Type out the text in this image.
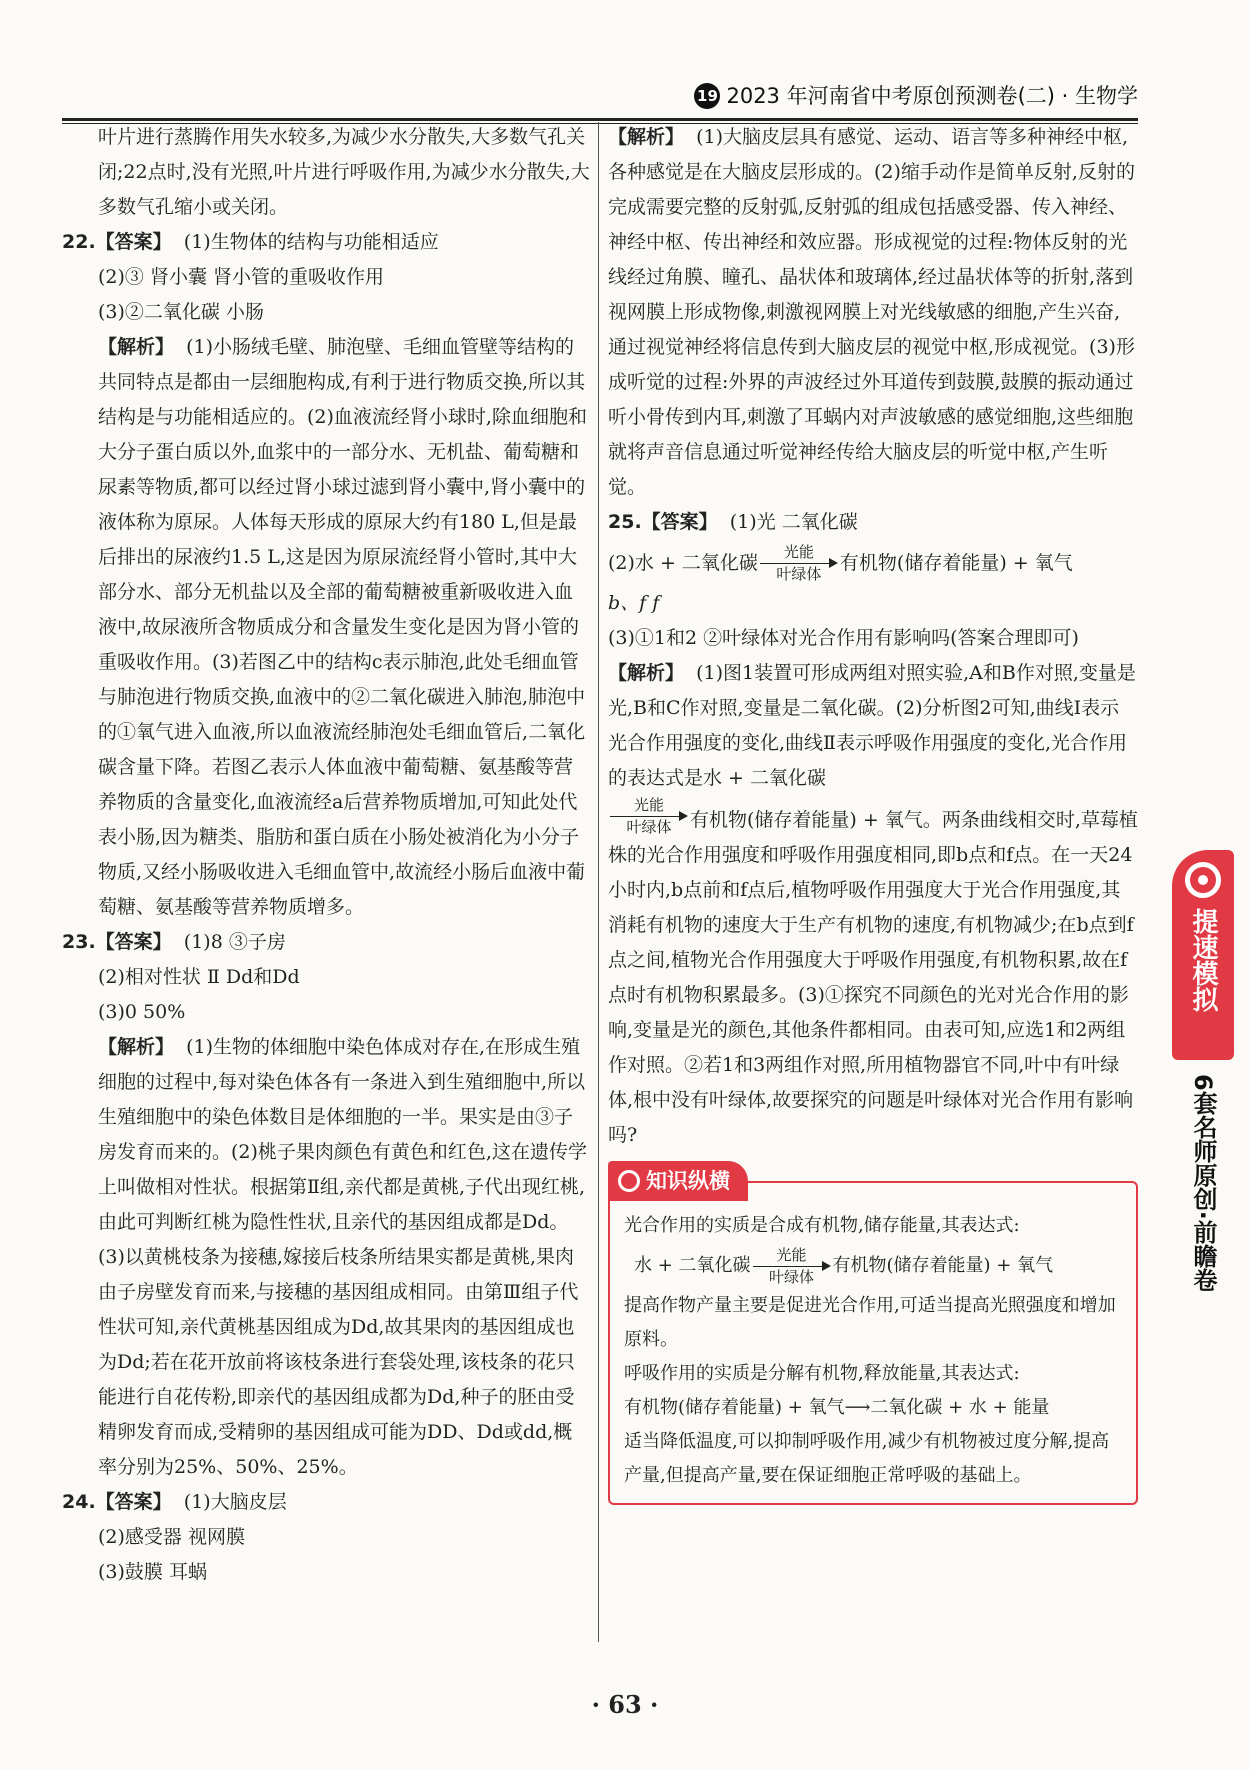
19 2023 年河南省中考原创预测卷(二) · 生物学

叶片进行蒸腾作用失水较多,为减少水分散失,大多数气孔关闭;22点时,没有光照,叶片进行呼吸作用,为减少水分散失,大多数气孔缩小或关闭。

22.【答案】 (1)生物体的结构与功能相适应

(2)③ 肾小囊 肾小管的重吸收作用

(3)②二氧化碳 小肠

【解析】 (1)小肠绒毛壁、肺泡壁、毛细血管壁等结构的共同特点是都由一层细胞构成,有利于进行物质交换,所以其结构是与功能相适应的。(2)血液流经肾小球时,除血细胞和大分子蛋白质以外,血浆中的一部分水、无机盐、葡萄糖和尿素等物质,都可以经过肾小球过滤到肾小囊中,肾小囊中的液体称为原尿。人体每天形成的原尿大约有180 L,但是最后排出的尿液约1.5 L,这是因为原尿流经肾小管时,其中大部分水、部分无机盐以及全部的葡萄糖被重新吸收进入血液中,故尿液所含物质成分和含量发生变化是因为肾小管的重吸收作用。(3)若图乙中的结构c表示肺泡,此处毛细血管与肺泡进行物质交换,血液中的②二氧化碳进入肺泡,肺泡中的①氧气进入血液,所以血液流经肺泡处毛细血管后,二氧化碳含量下降。若图乙表示人体血液中葡萄糖、氨基酸等营养物质的含量变化,血液流经a后营养物质增加,可知此处代表小肠,因为糖类、脂肪和蛋白质在小肠处被消化为小分子物质,又经小肠吸收进入毛细血管中,故流经小肠后血液中葡萄糖、氨基酸等营养物质增多。

23.【答案】 (1)8 ③子房

(2)相对性状 Ⅱ Dd和Dd

(3)0 50%

【解析】 (1)生物的体细胞中染色体成对存在,在形成生殖细胞的过程中,每对染色体各有一条进入到生殖细胞中,所以生殖细胞中的染色体数目是体细胞的一半。果实是由③子房发育而来的。(2)桃子果肉颜色有黄色和红色,这在遗传学上叫做相对性状。根据第Ⅱ组,亲代都是黄桃,子代出现红桃,由此可判断红桃为隐性性状,且亲代的基因组成都是Dd。(3)以黄桃枝条为接穗,嫁接后枝条所结果实都是黄桃,果肉由子房壁发育而来,与接穗的基因组成相同。由第Ⅲ组子代性状可知,亲代黄桃基因组成为Dd,故其果肉的基因组成也为Dd;若在花开放前将该枝条进行套袋处理,该枝条的花只能进行自花传粉,即亲代的基因组成都为Dd,种子的胚由受精卵发育而成,受精卵的基因组成可能为DD、Dd或dd,概率分别为25%、50%、25%。

24.【答案】 (1)大脑皮层

(2)感受器 视网膜

(3)鼓膜 耳蜗

【解析】 (1)大脑皮层具有感觉、运动、语言等多种神经中枢,各种感觉是在大脑皮层形成的。(2)缩手动作是简单反射,反射的完成需要完整的反射弧,反射弧的组成包括感受器、传入神经、神经中枢、传出神经和效应器。形成视觉的过程:物体反射的光线经过角膜、瞳孔、晶状体和玻璃体,经过晶状体等的折射,落到视网膜上形成物像,刺激视网膜上对光线敏感的细胞,产生兴奋,通过视觉神经将信息传到大脑皮层的视觉中枢,形成视觉。(3)形成听觉的过程:外界的声波经过外耳道传到鼓膜,鼓膜的振动通过听小骨传到内耳,刺激了耳蜗内对声波敏感的感觉细胞,这些细胞就将声音信息通过听觉神经传给大脑皮层的听觉中枢,产生听觉。

25.【答案】 (1)光 二氧化碳

(2)水 + 二氧化碳	光能
叶绿体
有机物(储存着能量) + 氧气

b、f f

(3)①1和2 ②叶绿体对光合作用有影响吗(答案合理即可)

【解析】 (1)图1装置可形成两组对照实验,A和B作对照,变量是光,B和C作对照,变量是二氧化碳。(2)分析图2可知,曲线Ⅰ表示光合作用强度的变化,曲线Ⅱ表示呼吸作用强度的变化,光合作用的表达式是水 + 二氧化碳

光能
叶绿体 有机物(储存着能量) + 氧气。两条曲线相交时,草莓植株的光合作用强度和呼吸作用强度相同,即b点和f点。在一天24小时内,b点前和f点后,植物呼吸作用强度大于光合作用强度,其消耗有机物的速度大于生产有机物的速度,有机物减少;在b点到f点之间,植物光合作用强度大于呼吸作用强度,有机物积累,故在f点时有机物积累最多。(3)①探究不同颜色的光对光合作用的影响,变量是光的颜色,其他条件都相同。由表可知,应选1和2两组作对照。②若1和3两组作对照,所用植物器官不同,叶中有叶绿体,根中没有叶绿体,故要探究的问题是叶绿体对光合作用有影响吗?

知识纵横

光合作用的实质是合成有机物,储存能量,其表达式:

水 + 二氧化碳	光能
叶绿体
有机物(储存着能量) + 氧气

提高作物产量主要是促进光合作用,可适当提高光照强度和增加原料。

呼吸作用的实质是分解有机物,释放能量,其表达式:

有机物(储存着能量) + 氧气⟶二氧化碳 + 水 + 能量

适当降低温度,可以抑制呼吸作用,减少有机物被过度分解,提高产量,但提高产量,要在保证细胞正常呼吸的基础上。

提速模拟
6套名师原创·前瞻卷
· 63 ·
